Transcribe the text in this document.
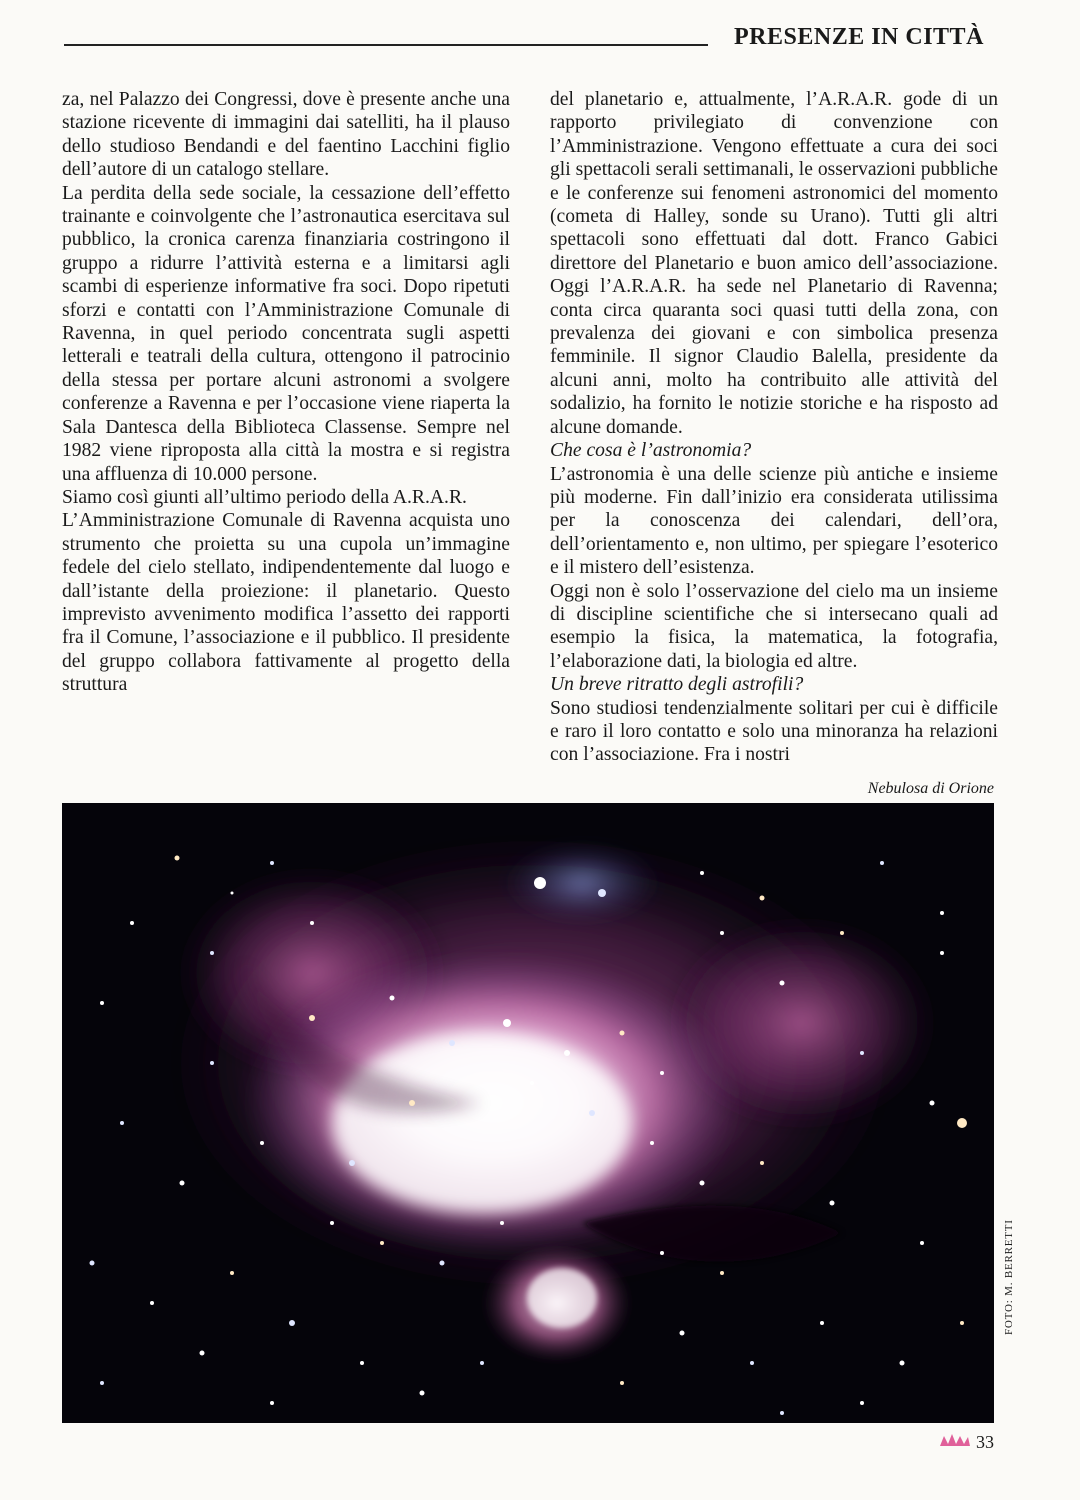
PRESENZE IN CITTÀ

za, nel Palazzo dei Congressi, dove è presente anche una stazione ricevente di immagini dai satelliti, ha il plauso dello studioso Bendandi e del faentino Lacchini figlio dell’autore di un catalogo stellare.

La perdita della sede sociale, la cessazione dell’effetto trainante e coinvolgente che l’astronautica esercitava sul pubblico, la cronica carenza finanziaria costringono il gruppo a ridurre l’attività esterna e a limitarsi agli scambi di esperienze informative fra soci. Dopo ripetuti sforzi e contatti con l’Amministrazione Comunale di Ravenna, in quel periodo concentrata sugli aspetti letterali e teatrali della cultura, ottengono il patrocinio della stessa per portare alcuni astronomi a svolgere conferenze a Ravenna e per l’occasione viene riaperta la Sala Dantesca della Biblioteca Classense. Sempre nel 1982 viene riproposta alla città la mostra e si registra una affluenza di 10.000 persone.

Siamo così giunti all’ultimo periodo della A.R.A.R.

L’Amministrazione Comunale di Ravenna acquista uno strumento che proietta su una cupola un’immagine fedele del cielo stellato, indipendentemente dal luogo e dall’istante della proiezione: il planetario. Questo imprevisto avvenimento modifica l’assetto dei rapporti fra il Comune, l’associazione e il pubblico. Il presidente del gruppo collabora fattivamente al progetto della struttura

del planetario e, attualmente, l’A.R.A.R. gode di un rapporto privilegiato di convenzione con l’Amministrazione. Vengono effettuate a cura dei soci gli spettacoli serali settimanali, le osservazioni pubbliche e le conferenze sui fenomeni astronomici del momento (cometa di Halley, sonde su Urano). Tutti gli altri spettacoli sono effettuati dal dott. Franco Gabici direttore del Planetario e buon amico dell’associazione. Oggi l’A.R.A.R. ha sede nel Planetario di Ravenna; conta circa quaranta soci quasi tutti della zona, con prevalenza dei giovani e con simbolica presenza femminile. Il signor Claudio Balella, presidente da alcuni anni, molto ha contribuito alle attività del sodalizio, ha fornito le notizie storiche e ha risposto ad alcune domande.

Che cosa è l’astronomia?

L’astronomia è una delle scienze più antiche e insieme più moderne. Fin dall’inizio era considerata utilissima per la conoscenza dei calendari, dell’ora, dell’orientamento e, non ultimo, per spiegare l’esoterico e il mistero dell’esistenza.

Oggi non è solo l’osservazione del cielo ma un insieme di discipline scientifiche che si intersecano quali ad esempio la fisica, la matematica, la fotografia, l’elaborazione dati, la biologia ed altre.

Un breve ritratto degli astrofili?

Sono studiosi tendenzialmente solitari per cui è difficile e raro il loro contatto e solo una minoranza ha relazioni con l’associazione. Fra i nostri

Nebulosa di Orione
FOTO: M. BERRETTI
33
